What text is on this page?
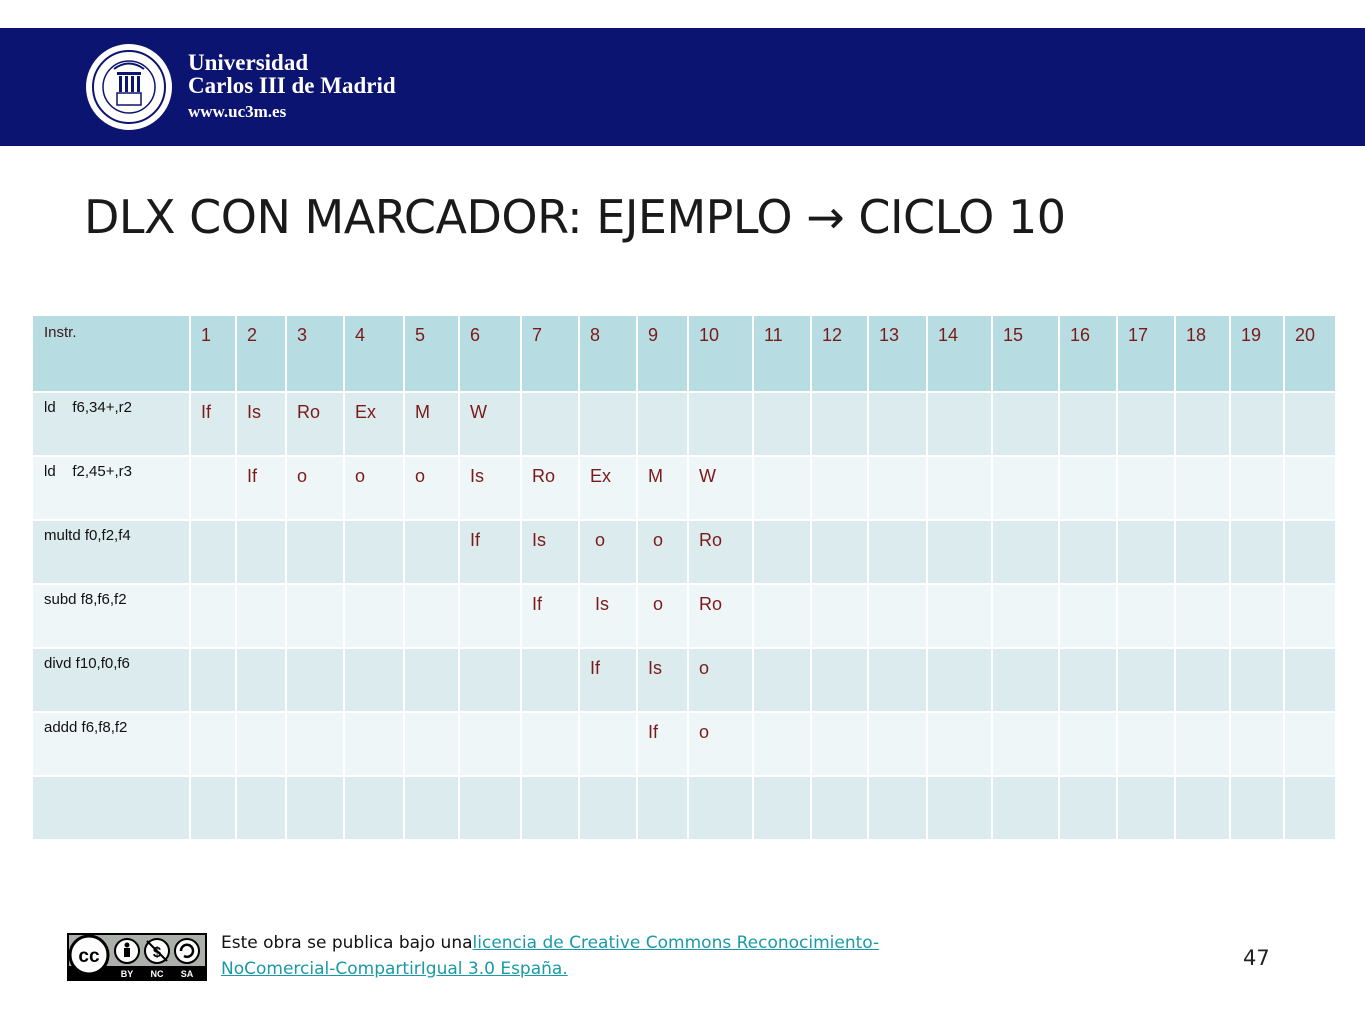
Universidad
Carlos III de Madrid
www.uc3m.es
DLX CON MARCADOR: EJEMPLO → CICLO 10
Instr.	1	2	3	4	5	6	7	8	9	10	11	12	13	14	15	16	17	18	19	20
ld    f6,34+,r2	If	Is	Ro	Ex	M	W														
ld    f2,45+,r3		If	o	o	o	Is	Ro	Ex	M	W										
multd f0,f2,f4						If	Is	o	o	Ro										
subd f8,f6,f2							If	Is	o	Ro										
divd f10,f0,f6								If	Is	o										
addd f6,f8,f2									If	o										

cc	$
BY NC SA
Este obra se publica bajo unalicencia de Creative Commons Reconocimiento-NoComercial-CompartirIgual 3.0 España.	47
